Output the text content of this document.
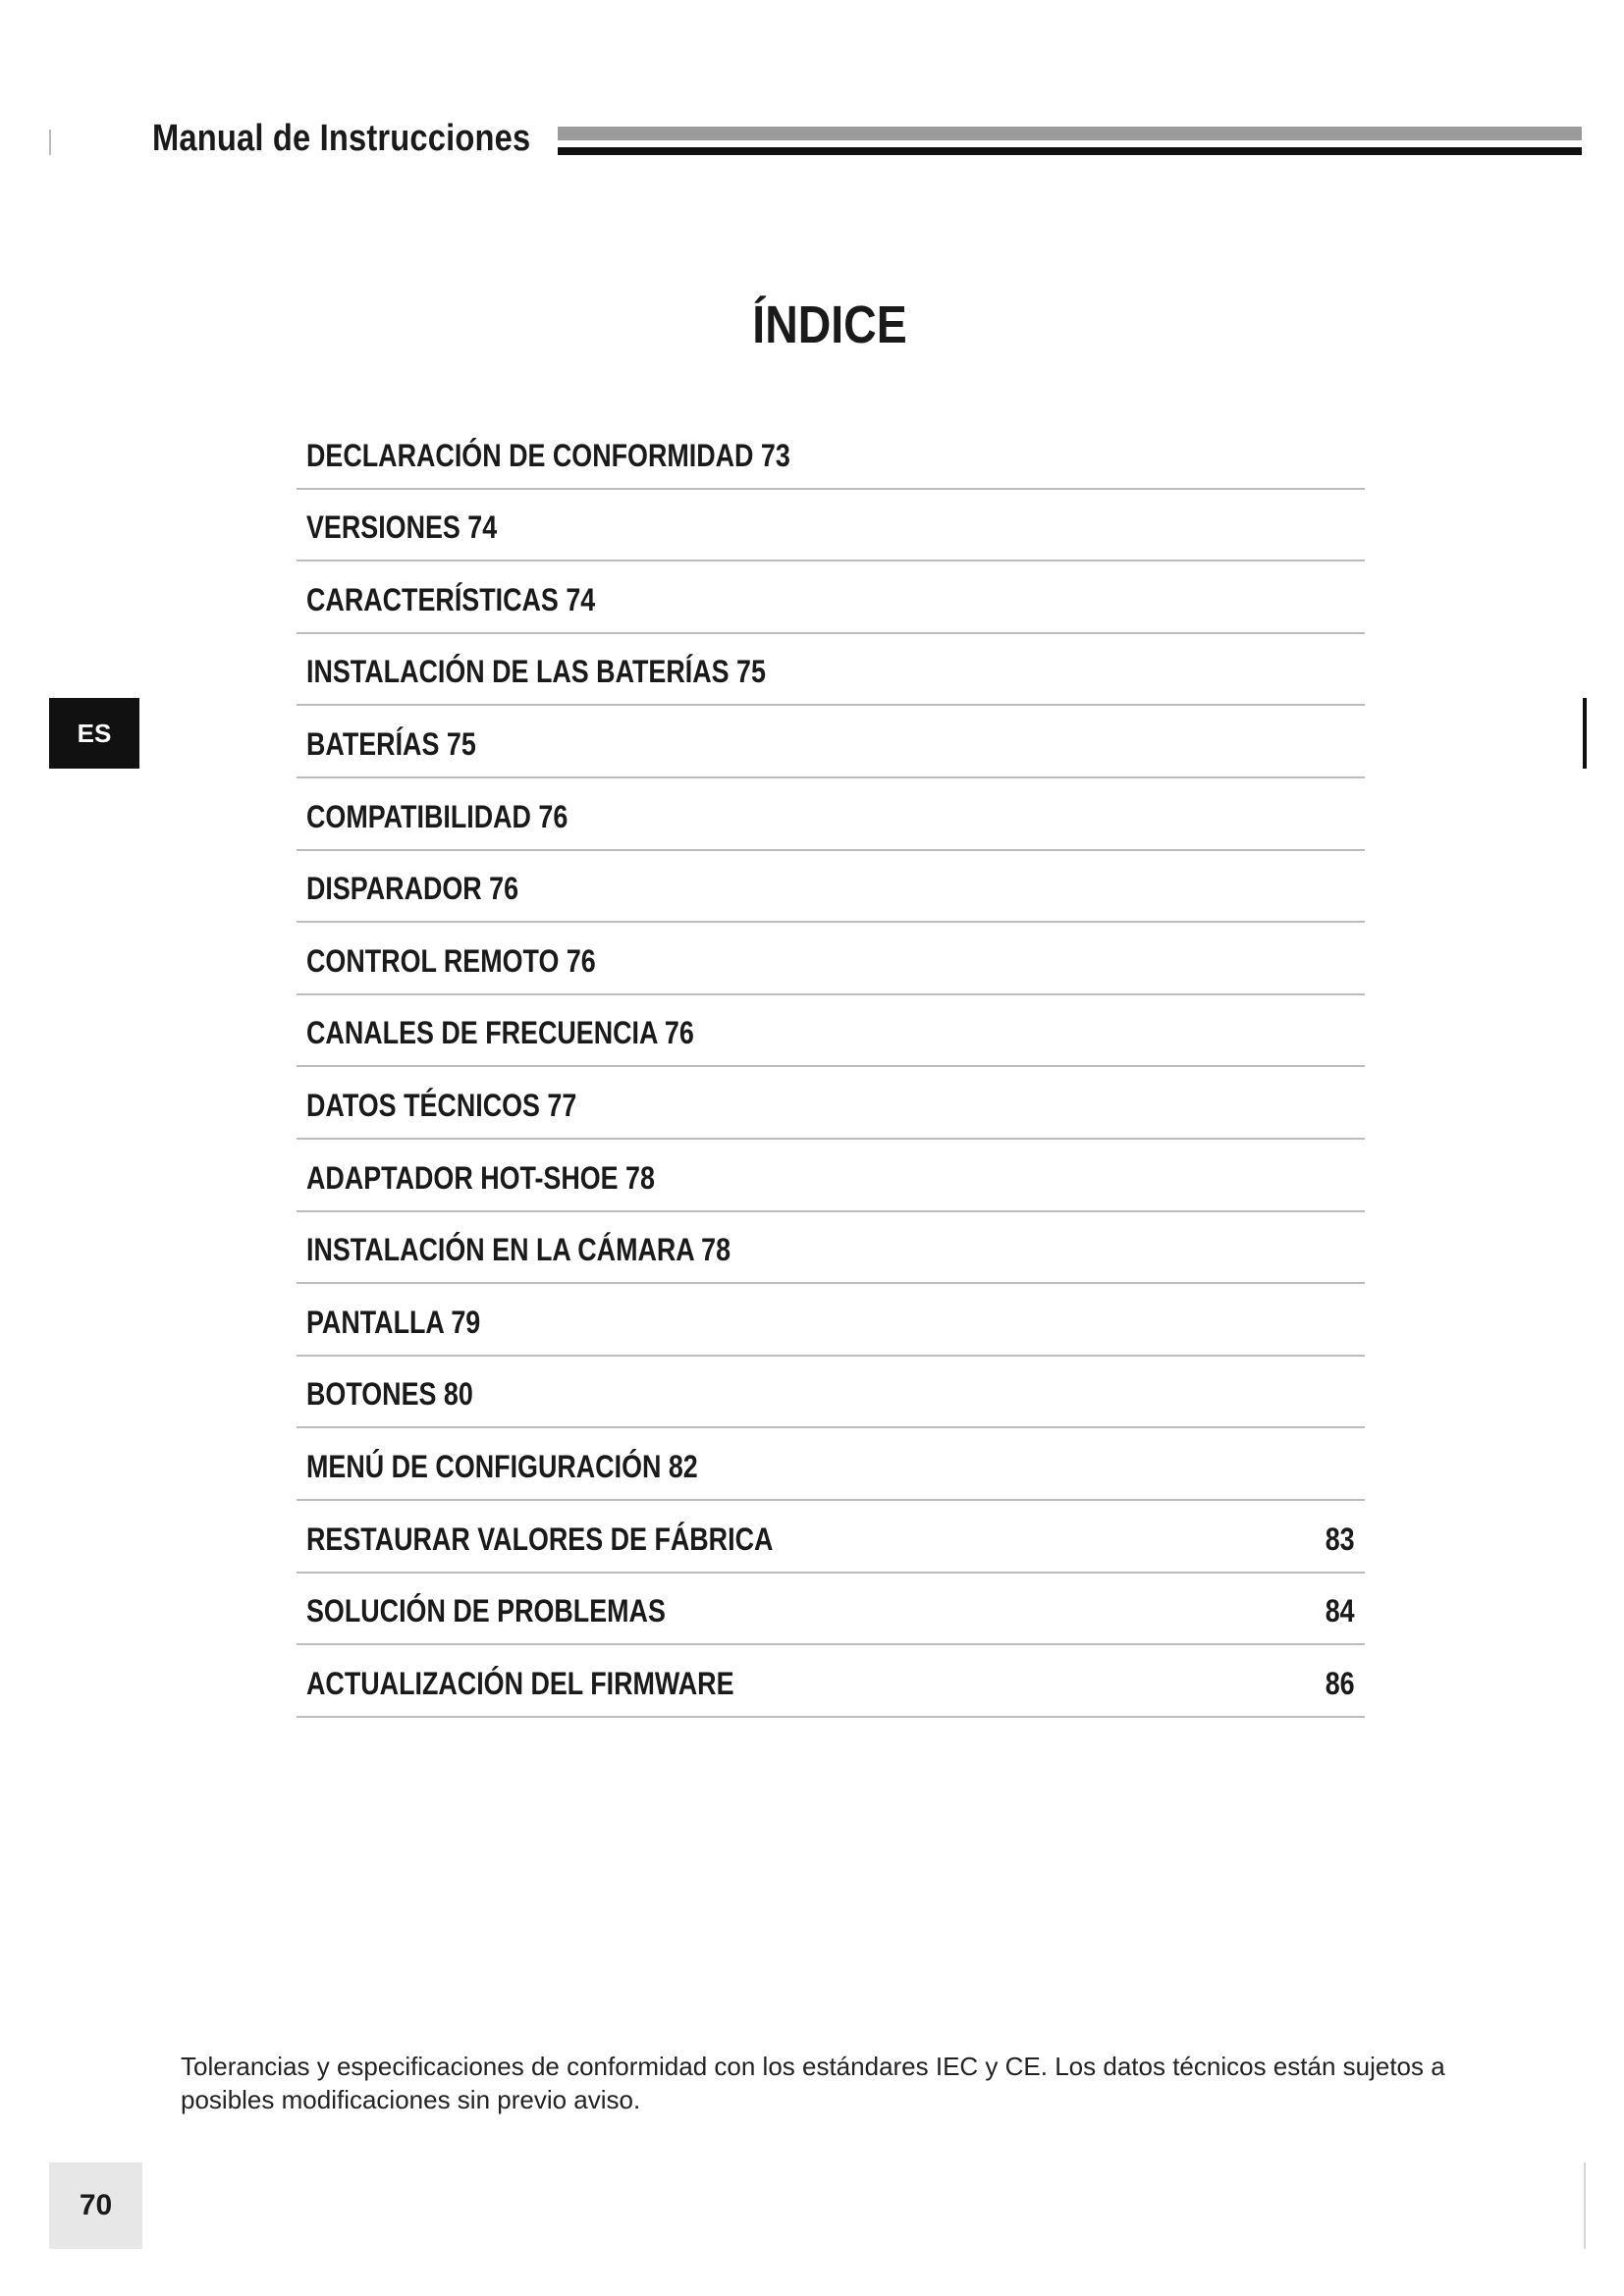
Manual de Instrucciones
ES
ÍNDICE
DECLARACIÓN DE CONFORMIDAD 73
VERSIONES 74
CARACTERÍSTICAS 74
INSTALACIÓN DE LAS BATERÍAS 75
BATERÍAS 75
COMPATIBILIDAD 76
DISPARADOR 76
CONTROL REMOTO 76
CANALES DE FRECUENCIA 76
DATOS TÉCNICOS 77
ADAPTADOR HOT-SHOE 78
INSTALACIÓN EN LA CÁMARA 78
PANTALLA 79
BOTONES 80
MENÚ DE CONFIGURACIÓN 82
RESTAURAR VALORES DE FÁBRICA	83
SOLUCIÓN DE PROBLEMAS	84
ACTUALIZACIÓN DEL FIRMWARE	86
Tolerancias y especificaciones de conformidad con los estándares IEC y CE. Los datos técnicos están sujetos a posibles modificaciones sin previo aviso.
70
